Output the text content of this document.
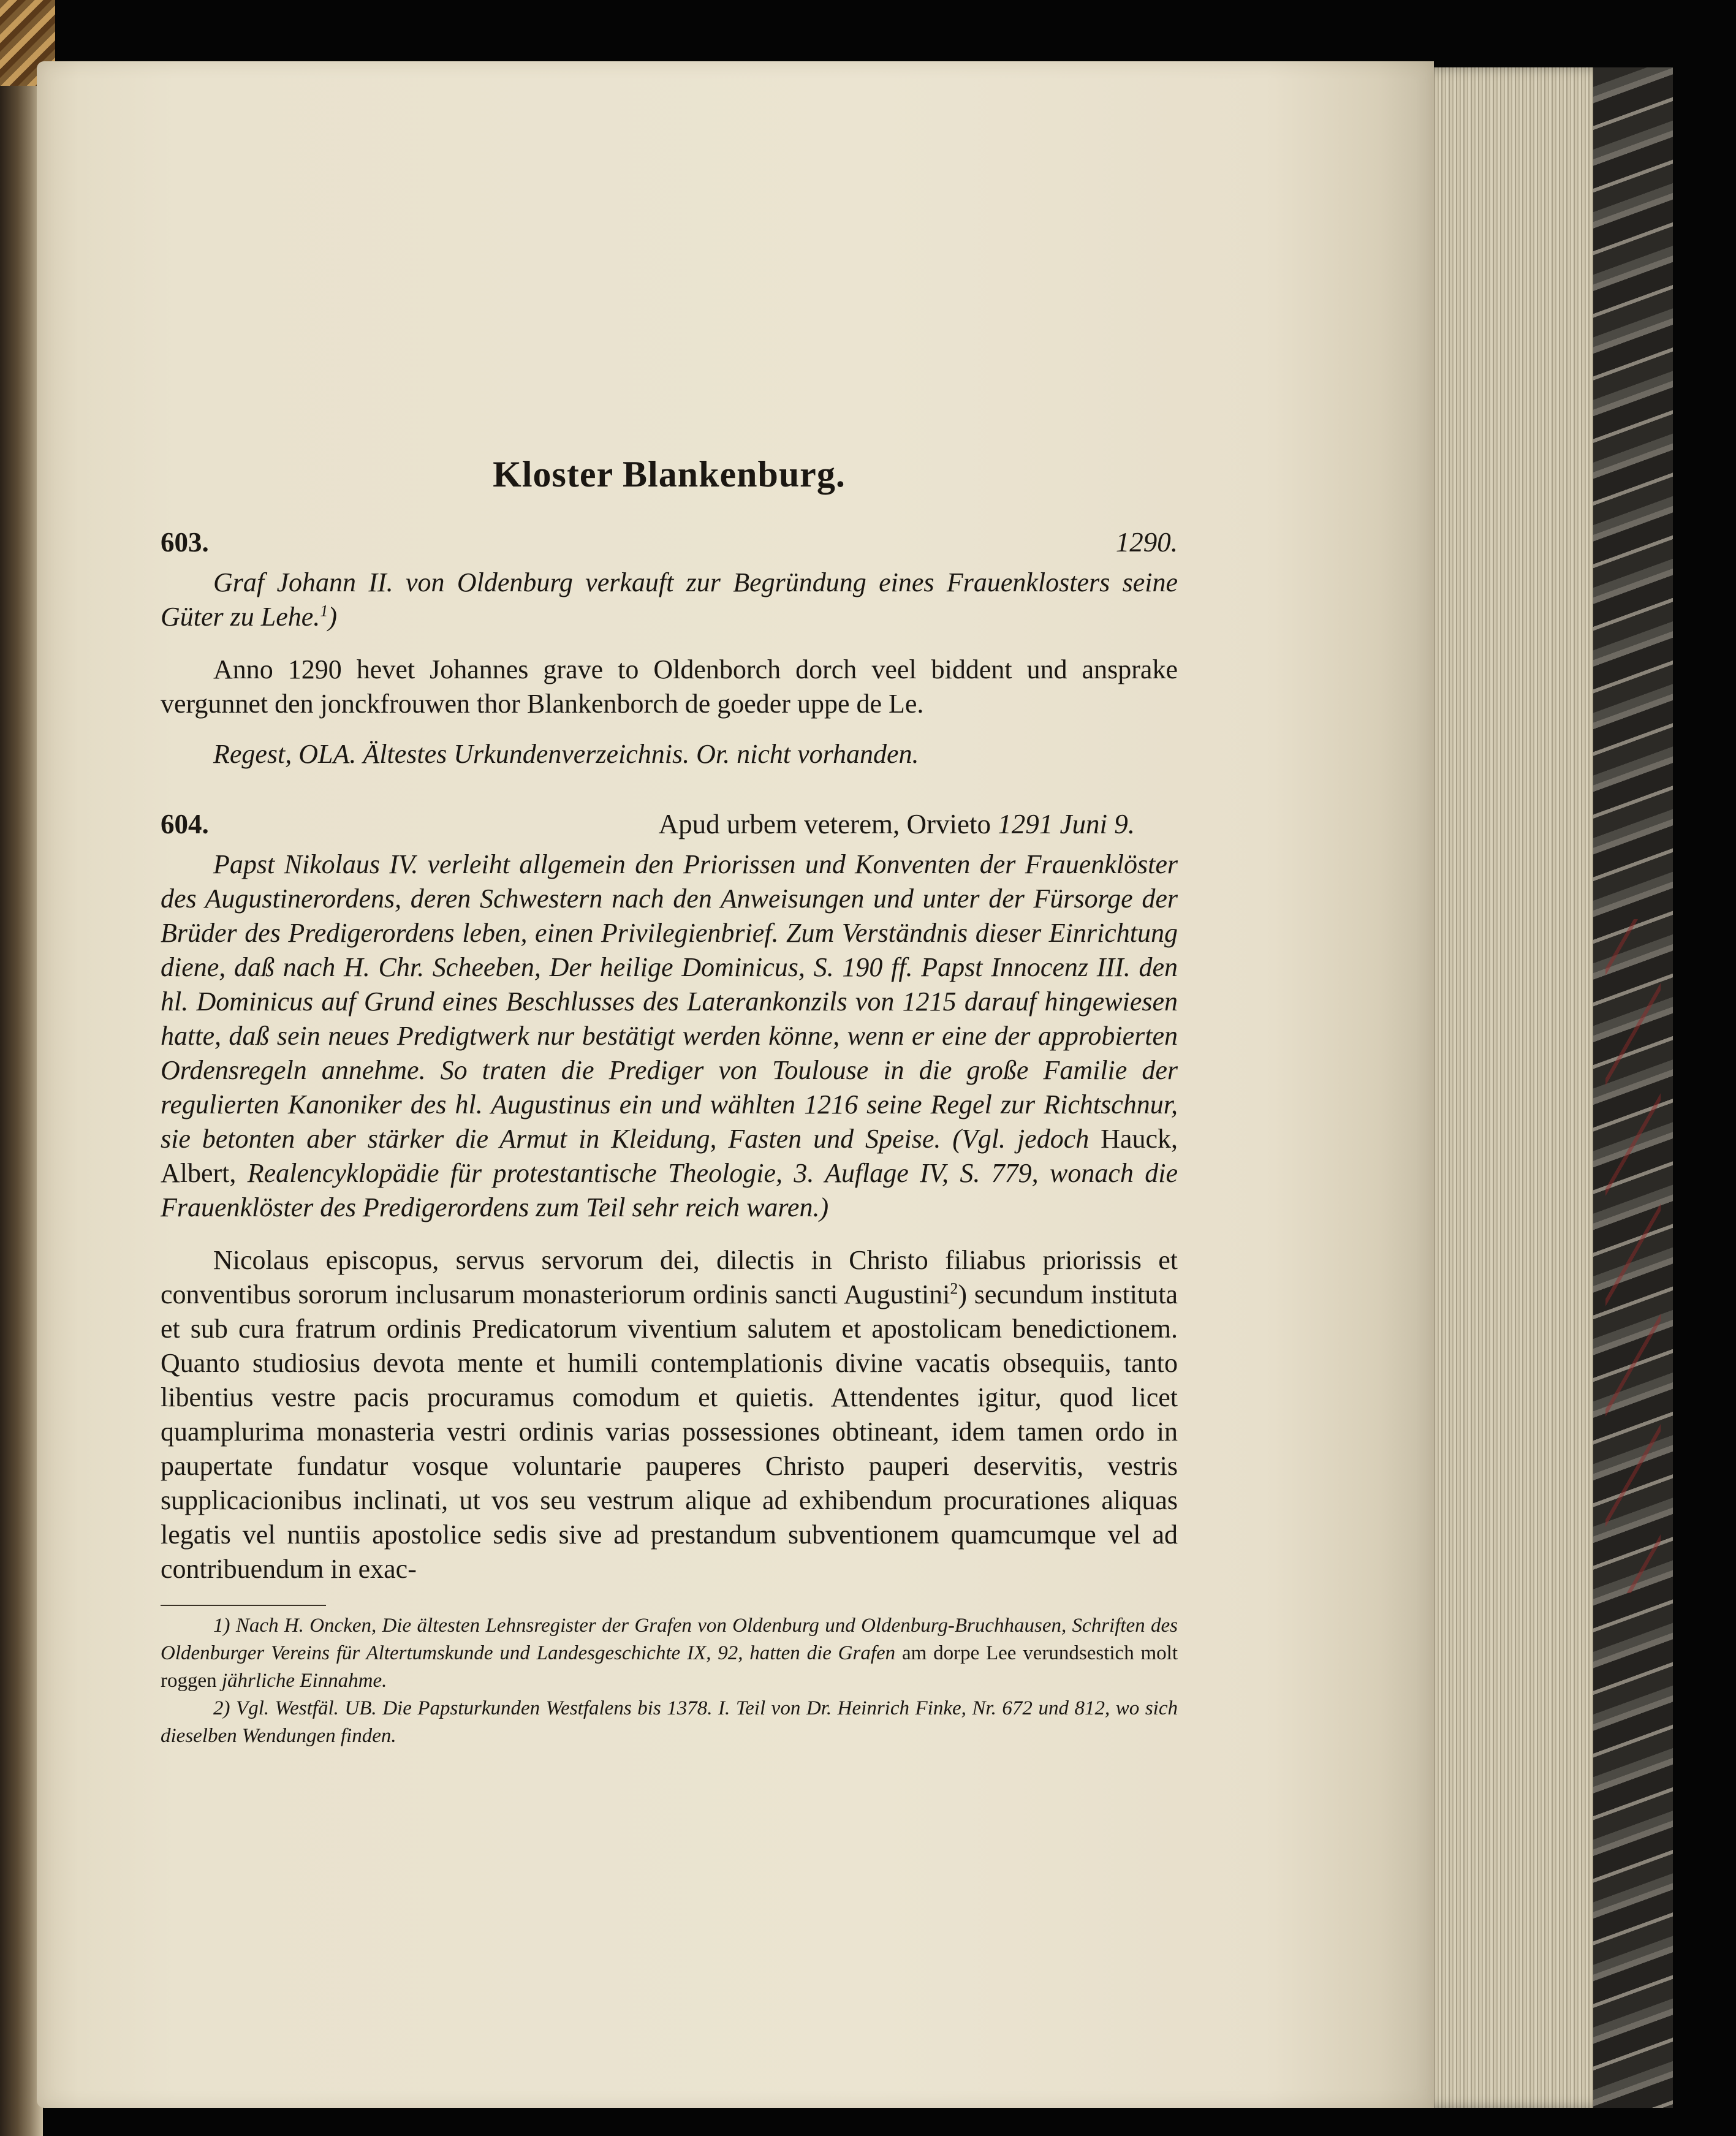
Kloster Blankenburg.
603.	1290.

Graf Johann II. von Oldenburg verkauft zur Begründung eines Frauenklosters seine Güter zu Lehe.$^1$)

Anno 1290 hevet Johannes grave to Oldenborch dorch veel biddent und ansprake vergunnet den jonckfrouwen thor Blankenborch de goeder uppe de Le.

Regest, OLA. Ältestes Urkundenverzeichnis. Or. nicht vorhanden.

604.	Apud urbem veterem, Orvieto 1291 Juni 9.

Papst Nikolaus IV. verleiht allgemein den Priorissen und Konventen der Frauenklöster des Augustinerordens, deren Schwestern nach den Anweisungen und unter der Fürsorge der Brüder des Predigerordens leben, einen Privilegienbrief. Zum Verständnis dieser Einrichtung diene, daß nach H. Chr. Scheeben, Der heilige Dominicus, S. 190 ff. Papst Innocenz III. den hl. Dominicus auf Grund eines Beschlusses des Laterankonzils von 1215 darauf hingewiesen hatte, daß sein neues Predigtwerk nur bestätigt werden könne, wenn er eine der approbierten Ordensregeln annehme. So traten die Prediger von Toulouse in die große Familie der regulierten Kanoniker des hl. Augustinus ein und wählten 1216 seine Regel zur Richtschnur, sie betonten aber stärker die Armut in Kleidung, Fasten und Speise. (Vgl. jedoch Hauck, Albert, Realencyklopädie für protestantische Theologie, 3. Auflage IV, S. 779, wonach die Frauenklöster des Predigerordens zum Teil sehr reich waren.)

Nicolaus episcopus, servus servorum dei, dilectis in Christo filiabus priorissis et conventibus sororum inclusarum monasteriorum ordinis sancti Augustini$^2$) secundum instituta et sub cura fratrum ordinis Predicatorum viventium salutem et apostolicam benedictionem. Quanto studiosius devota mente et humili contemplationis divine vacatis obsequiis, tanto libentius vestre pacis procuramus comodum et quietis. Attendentes igitur, quod licet quamplurima monasteria vestri ordinis varias possessiones obtineant, idem tamen ordo in paupertate fundatur vosque voluntarie pauperes Christo pauperi deservitis, vestris supplicacionibus inclinati, ut vos seu vestrum alique ad exhibendum procurationes aliquas legatis vel nuntiis apostolice sedis sive ad prestandum subventionem quamcumque vel ad contribuendum in exac-

1) Nach H. Oncken, Die ältesten Lehnsregister der Grafen von Oldenburg und Oldenburg-Bruchhausen, Schriften des Oldenburger Vereins für Altertumskunde und Landesgeschichte IX, 92, hatten die Grafen am dorpe Lee verundsestich molt roggen jährliche Einnahme.

2) Vgl. Westfäl. UB. Die Papsturkunden Westfalens bis 1378. I. Teil von Dr. Heinrich Finke, Nr. 672 und 812, wo sich dieselben Wendungen finden.
